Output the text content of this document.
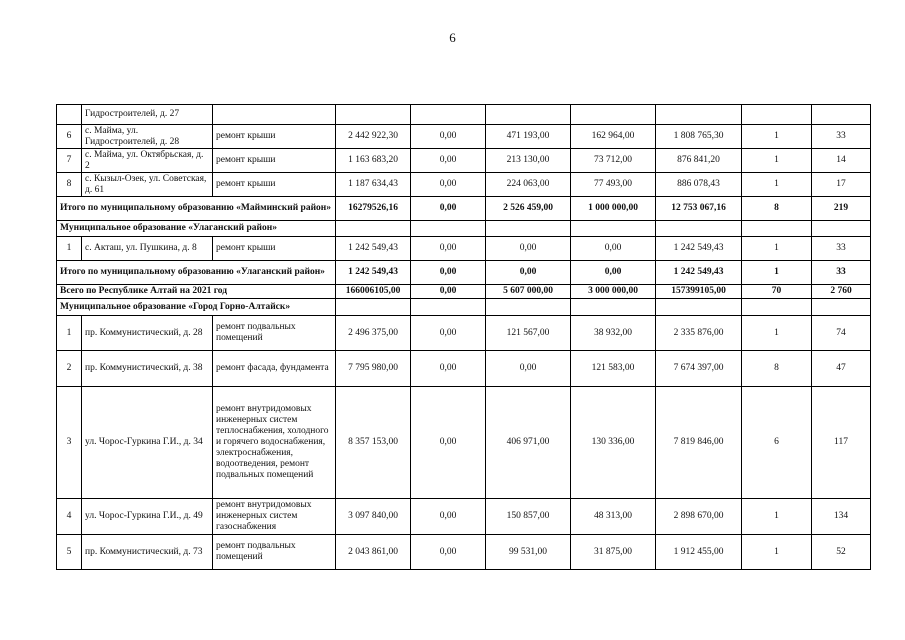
6
	Гидростроителей, д. 27								
6	с. Майма, ул. Гидростроителей, д. 28	ремонт крыши	2 442 922,30	0,00	471 193,00	162 964,00	1 808 765,30	1	33
7	с. Майма, ул. Октябрьская, д. 2	ремонт крыши	1 163 683,20	0,00	213 130,00	73 712,00	876 841,20	1	14
8	с. Кызыл-Озек, ул. Советская, д. 61	ремонт крыши	1 187 634,43	0,00	224 063,00	77 493,00	886 078,43	1	17
Итого по муниципальному образованию «Майминский район»			16279526,16	0,00	2 526 459,00	1 000 000,00	12 753 067,16	8	219
Муниципальное образование «Улаганский район»									
1	с. Акташ, ул. Пушкина, д. 8	ремонт крыши	1 242 549,43	0,00	0,00	0,00	1 242 549,43	1	33
Итого по муниципальному образованию «Улаганский район»			1 242 549,43	0,00	0,00	0,00	1 242 549,43	1	33
Всего по Республике Алтай на 2021 год			166006105,00	0,00	5 607 000,00	3 000 000,00	157399105,00	70	2 760
Муниципальное образование «Город Горно-Алтайск»									
1	пр. Коммунистический, д. 28	ремонт подвальных помещений	2 496 375,00	0,00	121 567,00	38 932,00	2 335 876,00	1	74
2	пр. Коммунистический, д. 38	ремонт фасада, фундамента	7 795 980,00	0,00	0,00	121 583,00	7 674 397,00	8	47
3	ул. Чорос-Гуркина Г.И., д. 34	ремонт внутридомовых инженерных систем теплоснабжения, холодного и горячего водоснабжения, электроснабжения, водоотведения, ремонт подвальных помещений	8 357 153,00	0,00	406 971,00	130 336,00	7 819 846,00	6	117
4	ул. Чорос-Гуркина Г.И., д. 49	ремонт внутридомовых инженерных систем газоснабжения	3 097 840,00	0,00	150 857,00	48 313,00	2 898 670,00	1	134
5	пр. Коммунистический, д. 73	ремонт подвальных помещений	2 043 861,00	0,00	99 531,00	31 875,00	1 912 455,00	1	52
